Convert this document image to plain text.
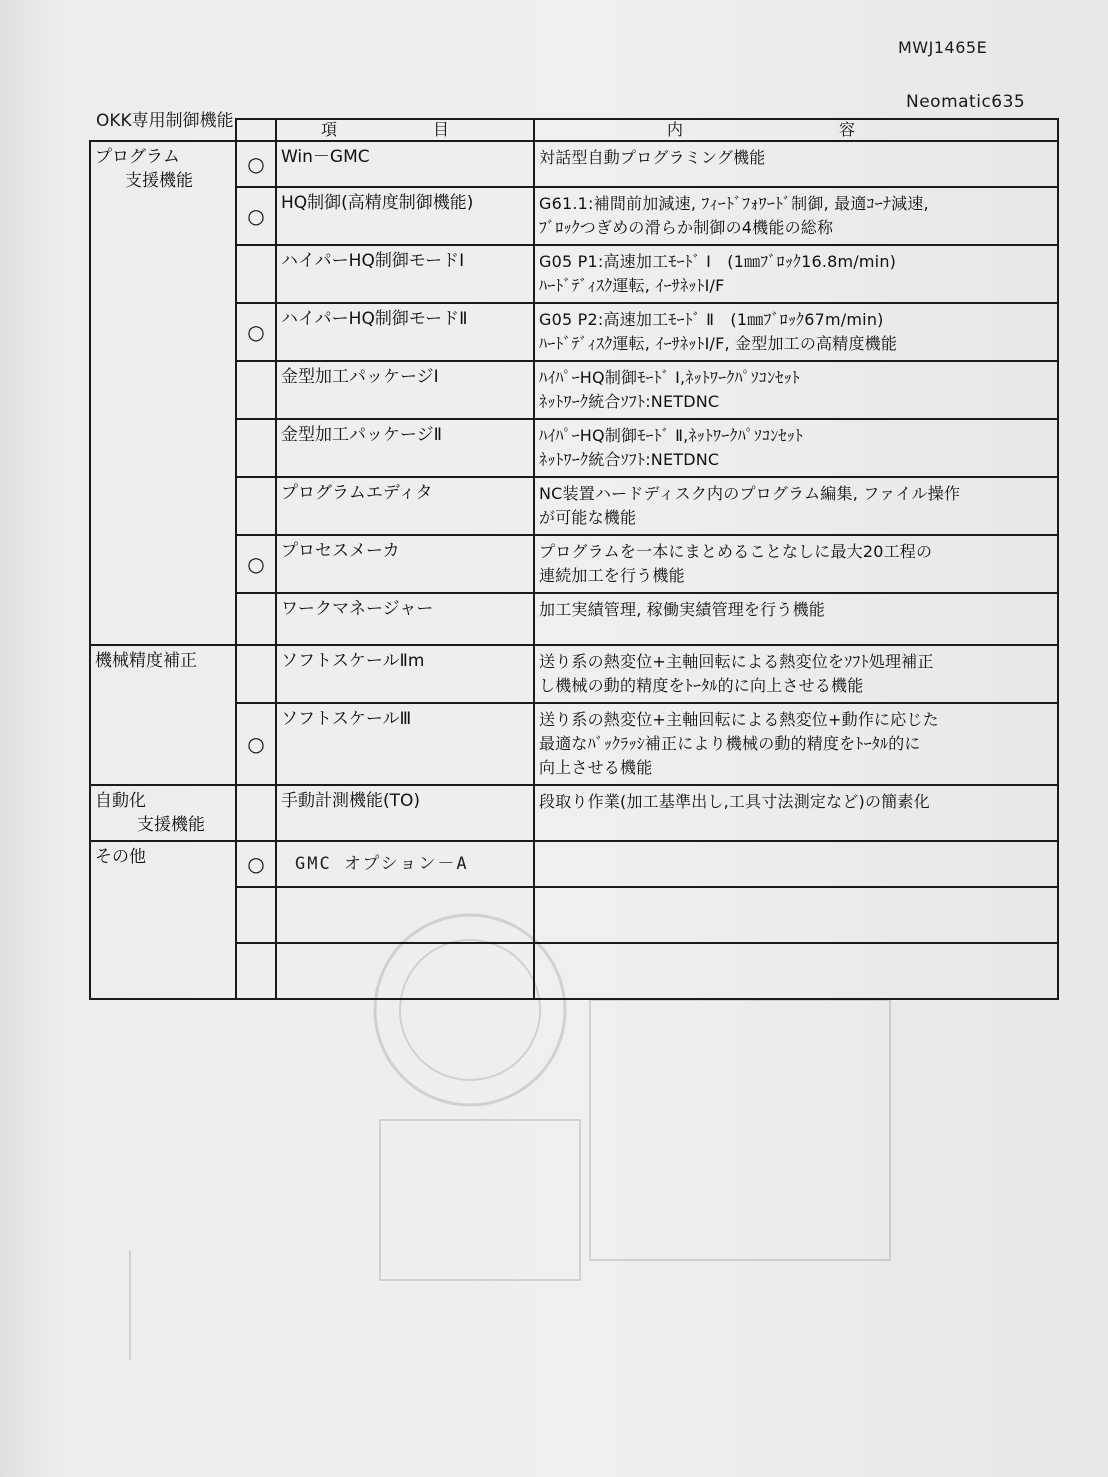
MWJ1465E
Neomatic635
OKK専用制御機能
			項　目	内　容
プログラム
支援機能	○	Win－GMC	対話型自動プログラミング機能

	○	HQ制御(高精度制御機能)	G61.1:補間前加減速, ﾌｨｰﾄﾞﾌｫﾜｰﾄﾞ制御, 最適ｺｰﾅ減速,
ﾌﾞﾛｯｸつぎめの滑らか制御の4機能の総称

		ハイパーHQ制御モードⅠ	G05 P1:高速加工ﾓｰﾄﾞ Ⅰ　(1㎜ﾌﾞﾛｯｸ16.8m/min)
ﾊｰﾄﾞﾃﾞｨｽｸ運転, ｲｰｻﾈｯﾄI/F

	○	ハイパーHQ制御モードⅡ	G05 P2:高速加工ﾓｰﾄﾞ Ⅱ　(1㎜ﾌﾞﾛｯｸ67m/min)
ﾊｰﾄﾞﾃﾞｨｽｸ運転, ｲｰｻﾈｯﾄI/F, 金型加工の高精度機能

		金型加工パッケージⅠ	ﾊｲﾊﾟｰHQ制御ﾓｰﾄﾞ Ⅰ,ﾈｯﾄﾜｰｸﾊﾟｿｺﾝｾｯﾄ
ﾈｯﾄﾜｰｸ統合ｿﾌﾄ:NETDNC

		金型加工パッケージⅡ	ﾊｲﾊﾟｰHQ制御ﾓｰﾄﾞ Ⅱ,ﾈｯﾄﾜｰｸﾊﾟｿｺﾝｾｯﾄ
ﾈｯﾄﾜｰｸ統合ｿﾌﾄ:NETDNC

		プログラムエディタ	NC装置ハードディスク内のプログラム編集, ファイル操作
が可能な機能

	○	プロセスメーカ	プログラムを一本にまとめることなしに最大20工程の
連続加工を行う機能

		ワークマネージャー	加工実績管理, 稼働実績管理を行う機能

機械精度補正		ソフトスケールⅡm	送り系の熱変位+主軸回転による熱変位をｿﾌﾄ処理補正
し機械の動的精度をﾄｰﾀﾙ的に向上させる機能

	○	ソフトスケールⅢ	送り系の熱変位+主軸回転による熱変位+動作に応じた
最適なﾊﾞｯｸﾗｯｼ補正により機械の動的精度をﾄｰﾀﾙ的に
向上させる機能

自動化
支援機能		手動計測機能(TO)	段取り作業(加工基準出し,工具寸法測定など)の簡素化

その他	○	GMC オプション－A	
